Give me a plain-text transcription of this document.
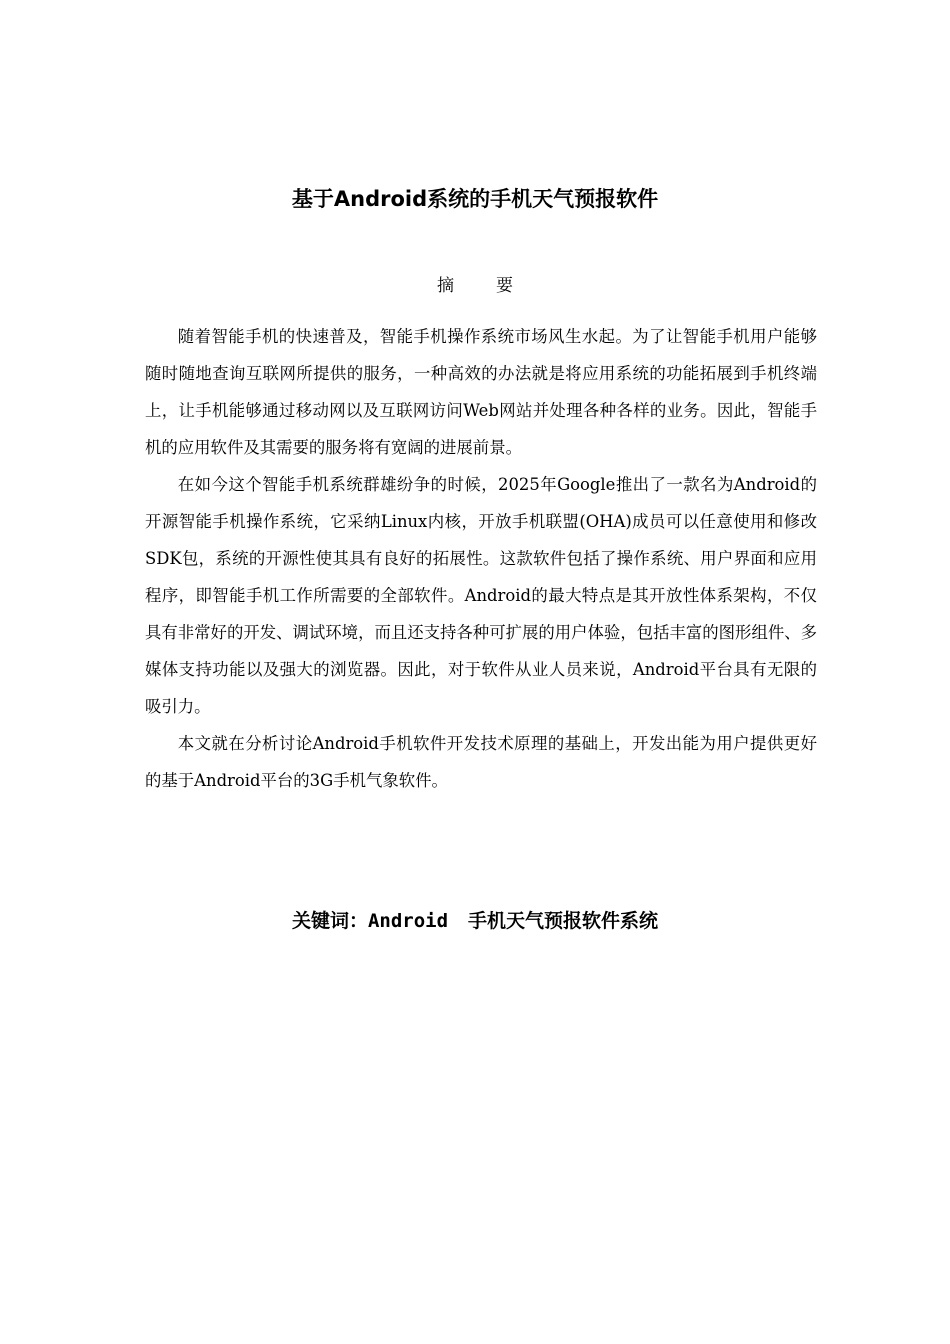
基于Android系统的手机天气预报软件
摘 要

随着智能手机的快速普及，智能手机操作系统市场风生水起。为了让智能手机用户能够随时随地查询互联网所提供的服务，一种高效的办法就是将应用系统的功能拓展到手机终端上，让手机能够通过移动网以及互联网访问Web网站并处理各种各样的业务。因此，智能手机的应用软件及其需要的服务将有宽阔的进展前景。

在如今这个智能手机系统群雄纷争的时候，2025年Google推出了一款名为Android的开源智能手机操作系统，它采纳Linux内核，开放手机联盟(OHA)成员可以任意使用和修改SDK包，系统的开源性使其具有良好的拓展性。这款软件包括了操作系统、用户界面和应用程序，即智能手机工作所需要的全部软件。Android的最大特点是其开放性体系架构，不仅具有非常好的开发、调试环境，而且还支持各种可扩展的用户体验，包括丰富的图形组件、多媒体支持功能以及强大的浏览器。因此，对于软件从业人员来说，Android平台具有无限的吸引力。

本文就在分析讨论Android手机软件开发技术原理的基础上，开发出能为用户提供更好的基于Android平台的3G手机气象软件。

关键词：Android 手机天气预报软件系统
